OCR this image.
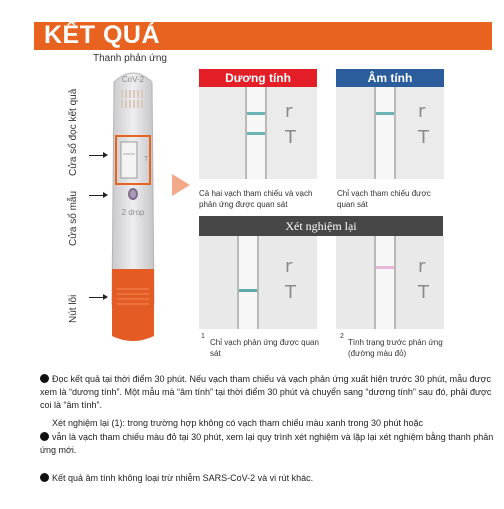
KẾT QUẢ
Thanh phản ứng
Cửa sổ đọc kết quả
Cửa sổ mẫu
Nút lõi
CoV-2
T
2 drop
Dương tính
r
T
Cả hai vạch tham chiếu và vạch phản ứng được quan sát
Âm tính
r
T
Chỉ vạch tham chiếu được quan sát
Xét nghiệm lại
r
T
1
Chỉ vạch phản ứng được quan sát
r
T
2
Tình trạng trước phản ứng (đường màu đỏ)
Đọc kết quả tại thời điểm 30 phút. Nếu vạch tham chiếu và vạch phản ứng xuất hiện trước 30 phút, mẫu được xem là “dương tính”. Một mẫu mà “âm tính” tại thời điểm 30 phút và chuyển sang “dương tính” sau đó, phải được coi là “âm tính”.
Xét nghiệm lại (1): trong trường hợp không có vạch tham chiếu màu xanh trong 30 phút hoặc
vẫn là vạch tham chiếu màu đỏ tại 30 phút, xem lại quy trình xét nghiệm và lặp lại xét nghiệm bằng thanh phản ứng mới.
Kết quả âm tính không loại trừ nhiễm SARS-CoV-2 và vi rút khác.
